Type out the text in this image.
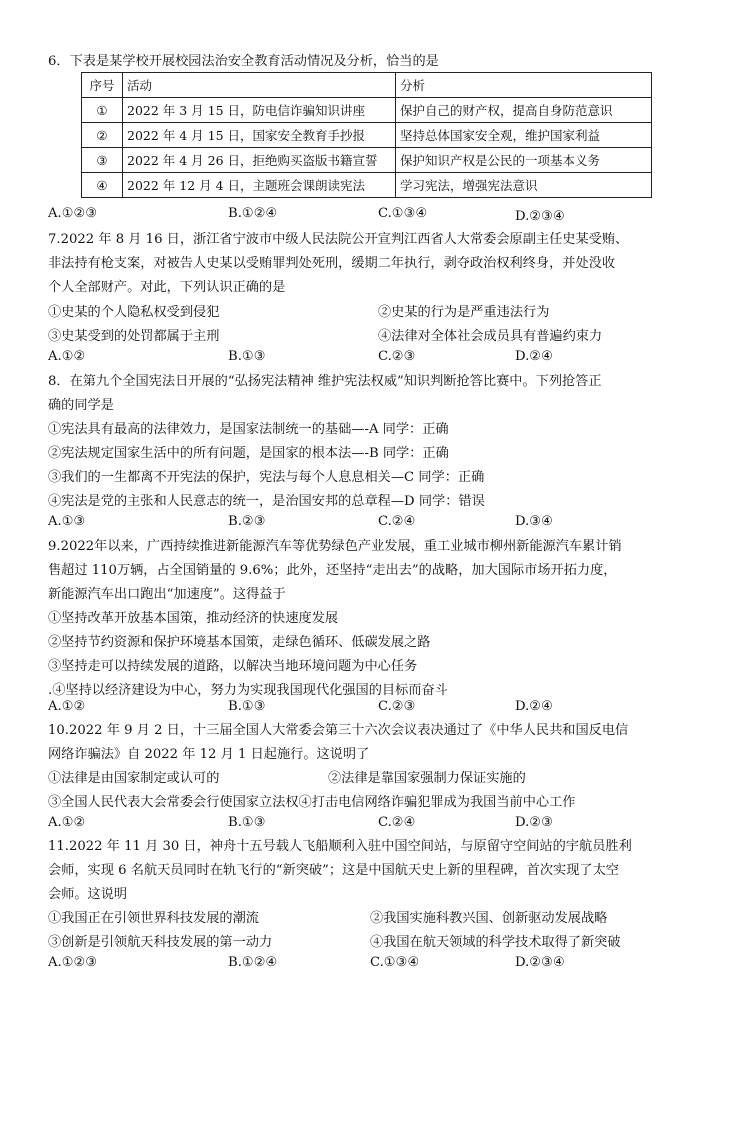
6．下表是某学校开展校园法治安全教育活动情况及分析，恰当的是
序号	活动	分析
①	2022 年 3 月 15 日，防电信诈骗知识讲座	保护自己的财产权，提高自身防范意识
②	2022 年 4 月 15 日，国家安全教育手抄报	坚持总体国家安全观，维护国家利益
③	2022 年 4 月 26 日，拒绝购买盗版书籍宣誓	保护知识产权是公民的一项基本义务
④	2022 年 12 月 4 日，主题班会课朗读宪法	学习宪法，增强宪法意识
A.①②③	B.①②④	C.①③④	D.②③④
7.2022 年 8 月 16 日，浙江省宁波市中级人民法院公开宣判江西省人大常委会原副主任史某受贿、
非法持有枪支案，对被告人史某以受贿罪判处死刑，缓期二年执行，剥夺政治权利终身，并处没收
个人全部财产。对此，下列认识正确的是
①史某的个人隐私权受到侵犯	②史某的行为是严重违法行为
③史某受到的处罚都属于主刑	④法律对全体社会成员具有普遍约束力
A.①②	B.①③	C.②③	D.②④
8．在第九个全国宪法日开展的“弘扬宪法精神 维护宪法权威”知识判断抢答比赛中。下列抢答正
确的同学是
①宪法具有最高的法律效力，是国家法制统一的基础—-A 同学：正确
②宪法规定国家生活中的所有问题，是国家的根本法—-B 同学：正确
③我们的一生都离不开宪法的保护，宪法与每个人息息相关—C 同学：正确
④宪法是党的主张和人民意志的统一，是治国安邦的总章程—D 同学：错误
A.①③	B.②③	C.②④	D.③④
9.2022年以来，广西持续推进新能源汽车等优势绿色产业发展，重工业城市柳州新能源汽车累计销
售超过 110万辆，占全国销量的 9.6%；此外，还坚持“走出去”的战略，加大国际市场开拓力度，
新能源汽车出口跑出“加速度”。这得益于
①坚持改革开放基本国策，推动经济的快速度发展
②坚持节约资源和保护环境基本国策，走绿色循环、低碳发展之路
③坚持走可以持续发展的道路，以解决当地环境问题为中心任务
.④坚持以经济建设为中心，努力为实现我国现代化强国的目标而奋斗
A.①②	B.①③	C.②③	D.②④
10.2022 年 9 月 2 日，十三届全国人大常委会第三十六次会议表决通过了《中华人民共和国反电信
网络诈骗法》自 2022 年 12 月 1 日起施行。这说明了
①法律是由国家制定或认可的	②法律是靠国家强制力保证实施的
③全国人民代表大会常委会行使国家立法权④打击电信网络诈骗犯罪成为我国当前中心工作
A.①②	B.①③	C.②④	D.②③
11.2022 年 11 月 30 日，神舟十五号载人飞船顺利入驻中国空间站，与原留守空间站的宇航员胜利
会师，实现 6 名航天员同时在轨飞行的“新突破”；这是中国航天史上新的里程碑，首次实现了太空
会师。这说明
①我国正在引领世界科技发展的潮流	②我国实施科教兴国、创新驱动发展战略
③创新是引领航天科技发展的第一动力	④我国在航天领域的科学技术取得了新突破
A.①②③	B.①②④	C.①③④	D.②③④
